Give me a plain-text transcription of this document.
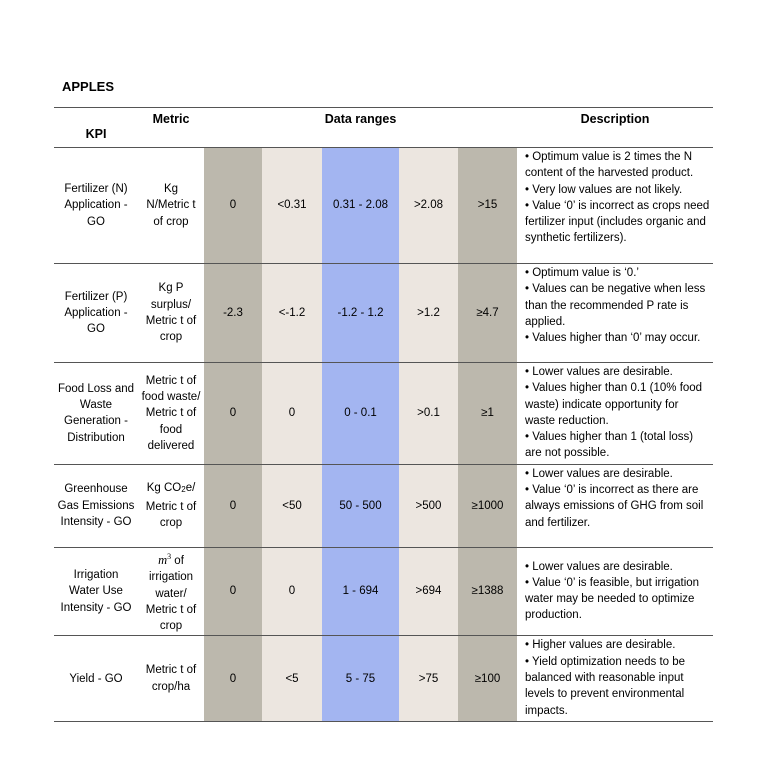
APPLES
KPI	Metric	Data ranges					Description
Fertilizer (N) Application - GO	Kg N/Metric t of crop	0	<0.31	0.31 - 2.08	>2.08	>15	• Optimum value is 2 times the N content of the harvested product.
• Very low values are not likely.
• Value ‘0’ is incorrect as crops need fertilizer input (includes organic and synthetic fertilizers).

Fertilizer (P) Application - GO	Kg P surplus/ Metric t of crop	-2.3	<-1.2	-1.2 - 1.2	>1.2	≥4.7	• Optimum value is ‘0.’
• Values can be negative when less than the recommended P rate is applied.
• Values higher than ‘0’ may occur.

Food Loss and Waste Generation - Distribution	Metric t of food waste/ Metric t of food delivered	0	0	0 - 0.1	>0.1	≥1	• Lower values are desirable.
• Values higher than 0.1 (10% food waste) indicate opportunity for waste reduction.
• Values higher than 1 (total loss) are not possible.

Greenhouse Gas Emissions Intensity - GO	Kg CO2e/ Metric t of crop	0	<50	50 - 500	>500	≥1000	• Lower values are desirable.
• Value ‘0’ is incorrect as there are always emissions of GHG from soil and fertilizer.

Irrigation Water Use Intensity - GO	$m^3$ of irrigation water/ Metric t of crop	0	0	1 - 694	>694	≥1388	• Lower values are desirable.
• Value ‘0’ is feasible, but irrigation water may be needed to optimize production.

Yield - GO	Metric t of crop/ha	0	<5	5 - 75	>75	≥100	• Higher values are desirable.
• Yield optimization needs to be balanced with reasonable input levels to prevent environmental impacts.
